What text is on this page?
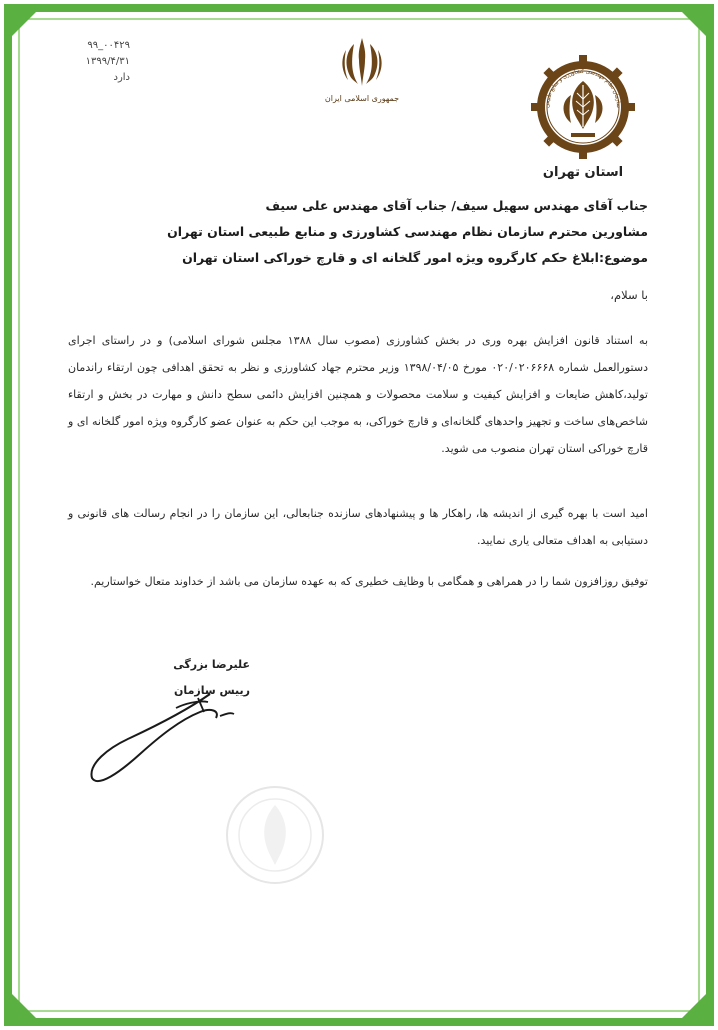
۰۰۴۲۹_۹۹
۱۳۹۹/۴/۳۱
دارد
جمهوری اسلامی ایران
سازمان نظام مهندسی کشاورزی و منابع طبیعی
استان تهران
جناب آقای مهندس سهیل سیف/ جناب آقای مهندس علی سیف
مشاورین محترم سازمان نظام مهندسی کشاورزی و منابع طبیعی استان تهران
موضوع:ابلاغ حکم کارگروه ویژه امور گلخانه ای و قارچ خوراکی استان تهران
با سلام،
به استناد قانون افزایش بهره وری در بخش کشاورزی (مصوب سال ۱۳۸۸ مجلس شورای اسلامی) و در راستای اجرای دستورالعمل شماره ۰۲۰/۰۲۰۶۶۶۸ مورخ ۱۳۹۸/۰۴/۰۵ وزیر محترم جهاد کشاورزی و نظر به تحقق اهدافی چون ارتقاء راندمان تولید،کاهش ضایعات و افزایش کیفیت و سلامت محصولات و همچنین افزایش دائمی سطح دانش و مهارت در بخش و ارتقاء شاخص‌های ساخت و تجهیز واحدهای گلخانه‌ای و قارچ خوراکی، به موجب این حکم به عنوان عضو کارگروه ویژه امور گلخانه ای و قارچ خوراکی استان تهران منصوب می شوید.
امید است با بهره گیری از اندیشه ها، راهکار ها و پیشنهادهای سازنده جنابعالی، این سازمان را در انجام رسالت های قانونی و دستیابی به اهداف متعالی یاری نمایید.
توفیق روزافزون شما را در همراهی و همگامی با وظایف خطیری که به عهده سازمان می باشد از خداوند متعال خواستاریم.
علیرضا بزرگی
رییس سازمان
